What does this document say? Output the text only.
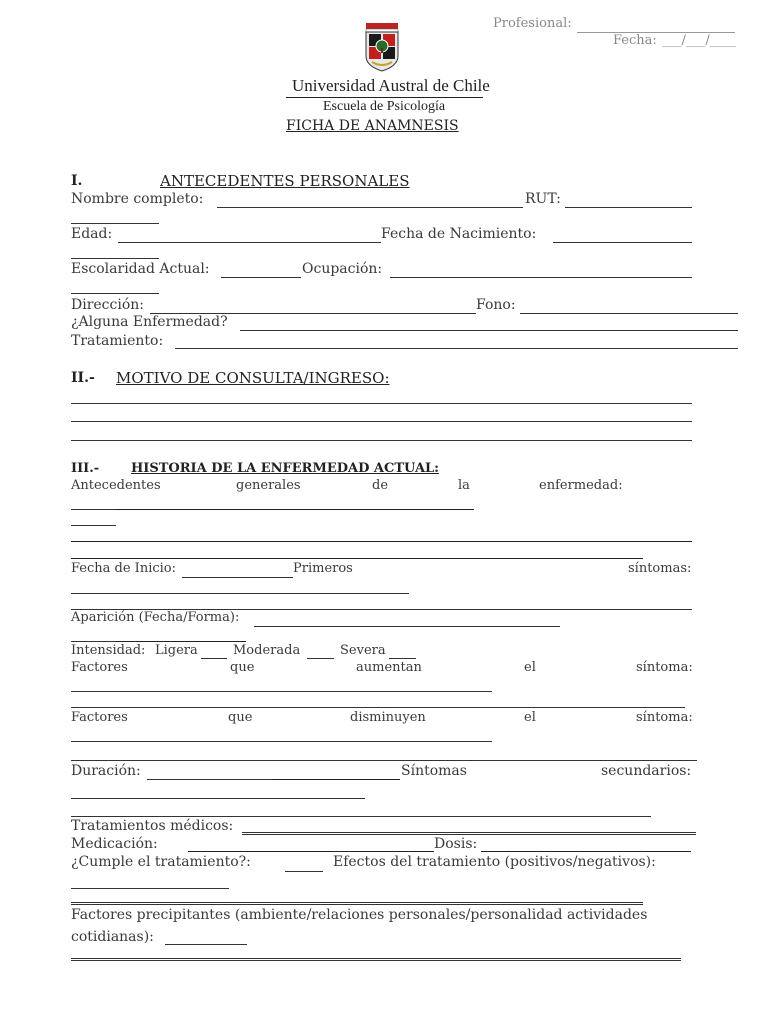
Profesional:
Fecha: ___/___/____
Universidad Austral de Chile
Escuela de Psicología
FICHA DE ANAMNESIS
I.	ANTECEDENTES PERSONALES
Nombre completo:	RUT:
Edad:	Fecha de Nacimiento:
Escolaridad Actual:	Ocupación:
Dirección:	Fono:
¿Alguna Enfermedad?
Tratamiento:
II.- MOTIVO DE CONSULTA/INGRESO:
III.- HISTORIA DE LA ENFERMEDAD ACTUAL:
Antecedentes	generales	de	la	enfermedad:
Fecha de Inicio:	Primeros	síntomas:
Aparición (Fecha/Forma):
Intensidad: Ligera	Moderada	Severa
Factores	que	aumentan	el	síntoma:
Factores	que	disminuyen	el	síntoma:
Duración:	Síntomas	secundarios:
Tratamientos médicos:
Medicación:	Dosis:
¿Cumple el tratamiento?:	Efectos del tratamiento (positivos/negativos):
Factores precipitantes (ambiente/relaciones personales/personalidad actividades
cotidianas):
